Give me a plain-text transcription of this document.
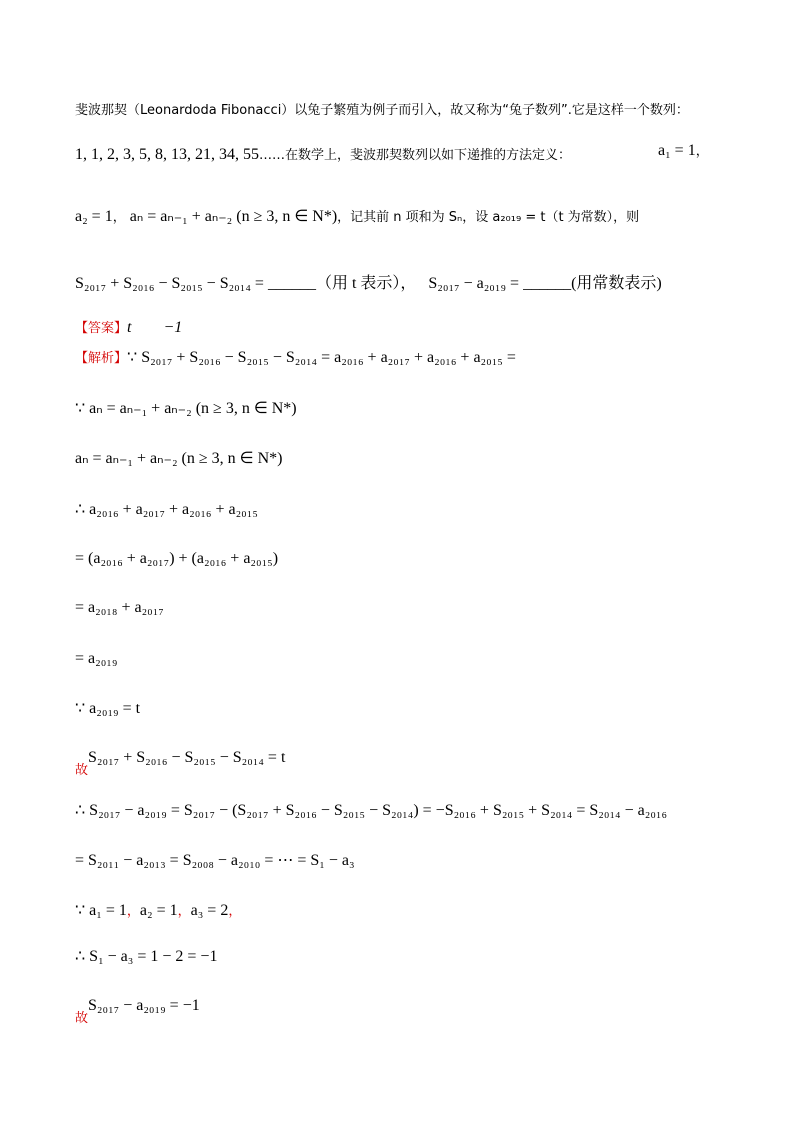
斐波那契（Leonardoda Fibonacci）以兔子繁殖为例子而引入，故又称为“兔子数列”.它是这样一个数列：
1, 1, 2, 3, 5, 8, 13, 21, 34, 55……在数学上，斐波那契数列以如下递推的方法定义：	a₁ = 1，
a₂ = 1， aₙ = aₙ₋₁ + aₙ₋₂ (n ≥ 3, n ∈ N*)，记其前 n 项和为 Sₙ，设 a₂₀₁₉ = t（t 为常数），则
S₂₀₁₇ + S₂₀₁₆ − S₂₀₁₅ − S₂₀₁₄ = ______（用 t 表示）， S₂₀₁₇ − a₂₀₁₉ = ______(用常数表示)
【答案】t        −1
【解析】∵ S₂₀₁₇ + S₂₀₁₆ − S₂₀₁₅ − S₂₀₁₄ = a₂₀₁₆ + a₂₀₁₇ + a₂₀₁₆ + a₂₀₁₅ =
∵ aₙ = aₙ₋₁ + aₙ₋₂ (n ≥ 3, n ∈ N*)
aₙ = aₙ₋₁ + aₙ₋₂ (n ≥ 3, n ∈ N*)
∴ a₂₀₁₆ + a₂₀₁₇ + a₂₀₁₆ + a₂₀₁₅
= (a₂₀₁₆ + a₂₀₁₇) + (a₂₀₁₆ + a₂₀₁₅)
= a₂₀₁₈ + a₂₀₁₇
= a₂₀₁₉
∵ a₂₀₁₉ = t
$_故$S₂₀₁₇ + S₂₀₁₆ − S₂₀₁₅ − S₂₀₁₄ = t
∴ S₂₀₁₇ − a₂₀₁₉ = S₂₀₁₇ − (S₂₀₁₇ + S₂₀₁₆ − S₂₀₁₅ − S₂₀₁₄) = −S₂₀₁₆ + S₂₀₁₅ + S₂₀₁₄ = S₂₀₁₄ − a₂₀₁₆
= S₂₀₁₁ − a₂₀₁₃ = S₂₀₀₈ − a₂₀₁₀ = ⋯ = S₁ − a₃
∵ a₁ = 1，a₂ = 1，a₃ = 2，
∴ S₁ − a₃ = 1 − 2 = −1
$_故$S₂₀₁₇ − a₂₀₁₉ = −1
